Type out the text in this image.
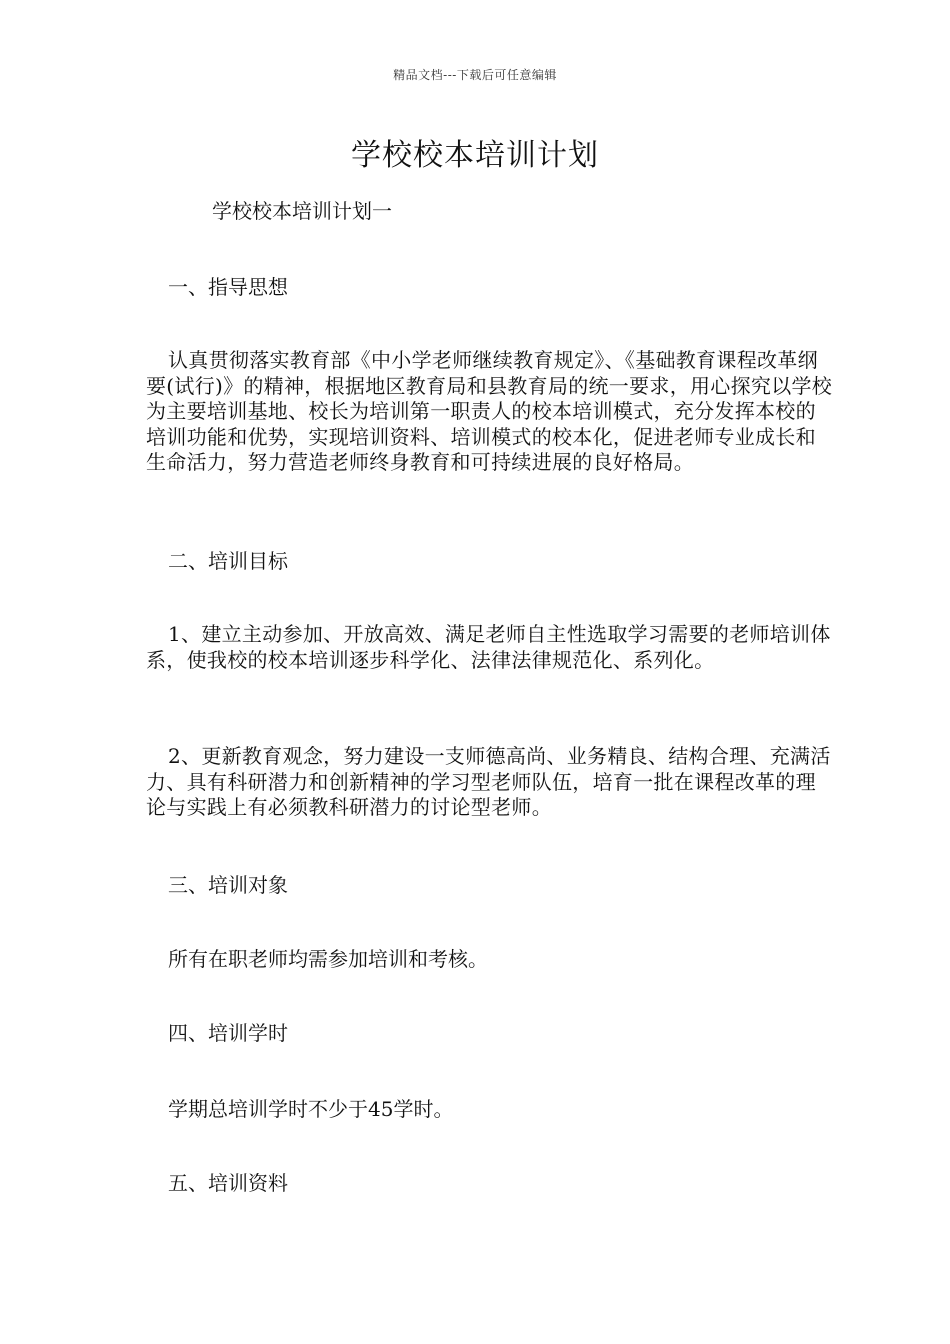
精品文档---下载后可任意编辑
学校校本培训计划
学校校本培训计划一
一、指导思想
认真贯彻落实教育部《中小学老师继续教育规定》、《基础教育课程改革纲要(试行)》的精神，根据地区教育局和县教育局的统一要求，用心探究以学校为主要培训基地、校长为培训第一职责人的校本培训模式，充分发挥本校的培训功能和优势，实现培训资料、培训模式的校本化，促进老师专业成长和生命活力，努力营造老师终身教育和可持续进展的良好格局。
二、培训目标
1、建立主动参加、开放高效、满足老师自主性选取学习需要的老师培训体系，使我校的校本培训逐步科学化、法律法律规范化、系列化。
2、更新教育观念，努力建设一支师德高尚、业务精良、结构合理、充满活力、具有科研潜力和创新精神的学习型老师队伍，培育一批在课程改革的理论与实践上有必须教科研潜力的讨论型老师。
三、培训对象
所有在职老师均需参加培训和考核。
四、培训学时
学期总培训学时不少于45学时。
五、培训资料
